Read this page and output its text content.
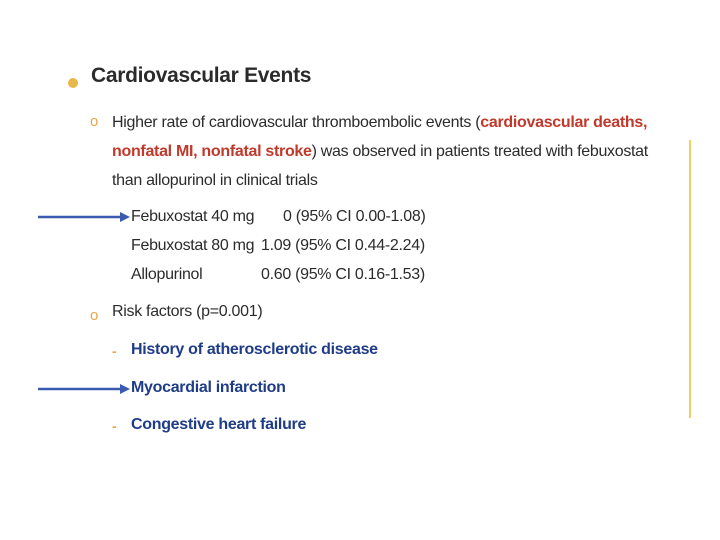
Cardiovascular Events
o Higher rate of cardiovascular thromboembolic events (cardiovascular deaths, nonfatal MI, nonfatal stroke) was observed in patients treated with febuxostat than allopurinol in clinical trials
Febuxostat 40 mg 0 (95% CI 0.00-1.08)
Febuxostat 80 mg 1.09 (95% CI 0.44-2.24)
Allopurinol	0.60 (95% CI 0.16-1.53)
o Risk factors (p=0.001)
- History of atherosclerotic disease
Myocardial infarction
- Congestive heart failure
